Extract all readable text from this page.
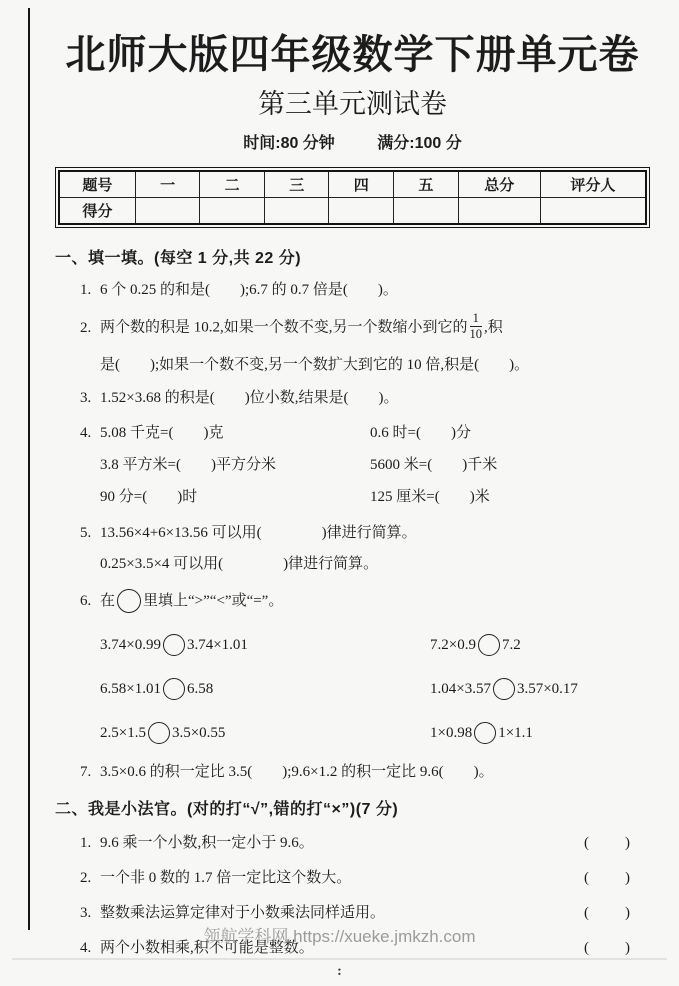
北师大版四年级数学下册单元卷
第三单元测试卷
时间:80 分钟	满分:100 分
题号	一	二	三	四	五	总分	评分人
得分							
一、填一填。(每空 1 分,共 22 分)
1. 6 个 0.25 的和是(　　);6.7 的 0.7 倍是(　　)。
2. 两个数的积是 10.2,如果一个数不变,另一个数缩小到它的 $\frac{1}{10}$ ,积
是(　　);如果一个数不变,另一个数扩大到它的 10 倍,积是(　　)。
3. 1.52×3.68 的积是(　　)位小数,结果是(　　)。
4. 5.08 千克=(　　)克	0.6 时=(　　)分
3.8 平方米=(　　)平方分米	5600 米=(　　)千米
90 分=(　　)时	125 厘米=(　　)米
5. 13.56×4+6×13.56 可以用(　　　　)律进行简算。
0.25×3.5×4 可以用(　　　　)律进行简算。
6. 在 里填上“>”“<”或“=”。
3.74×0.99 3.74×1.01	7.2×0.9 7.2
6.58×1.01 6.58	1.04×3.57 3.57×0.17
2.5×1.5 3.5×0.55	1×0.98 1×1.1
7. 3.5×0.6 的积一定比 3.5(　　);9.6×1.2 的积一定比 9.6(　　)。
二、我是小法官。(对的打“√”,错的打“×”)(7 分)
1. 9.6 乘一个小数,积一定小于 9.6。	(　　)
2. 一个非 0 数的 1.7 倍一定比这个数大。	(　　)
3. 整数乘法运算定律对于小数乘法同样适用。	(　　)
4. 两个小数相乘,积不可能是整数。	(　　)
领航学科网 https://xueke.jmkzh.com
:
